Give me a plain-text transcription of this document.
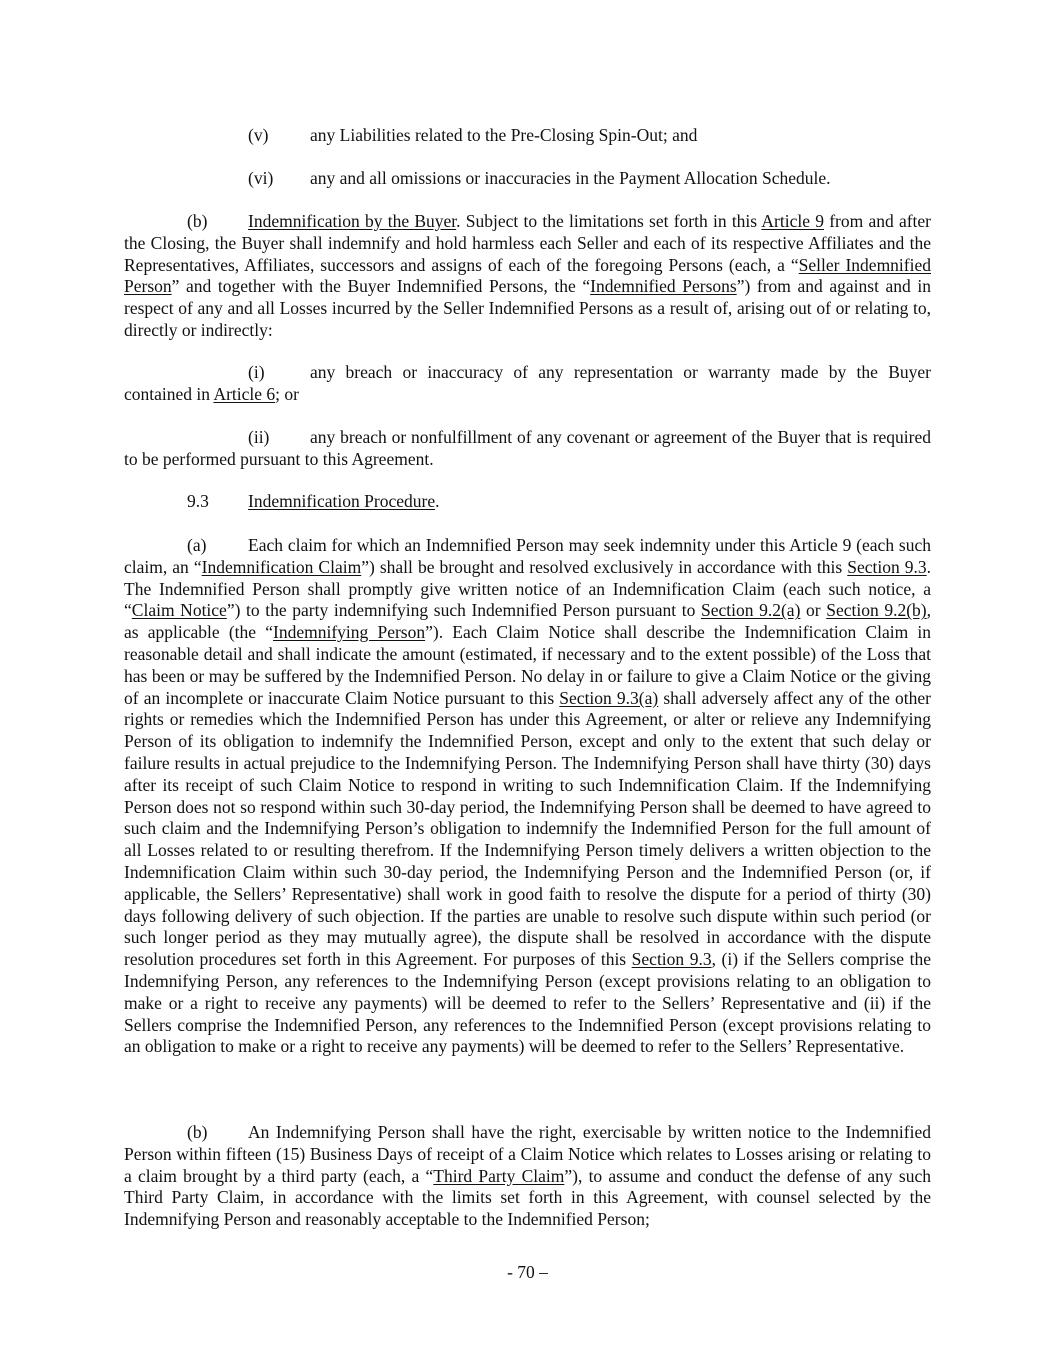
(v) any Liabilities related to the Pre-Closing Spin-Out; and

(vi) any and all omissions or inaccuracies in the Payment Allocation Schedule.

(b) Indemnification by the Buyer. Subject to the limitations set forth in this Article 9 from and after the Closing, the Buyer shall indemnify and hold harmless each Seller and each of its respective Affiliates and the Representatives, Affiliates, successors and assigns of each of the foregoing Persons (each, a “Seller Indemnified Person” and together with the Buyer Indemnified Persons, the “Indemnified Persons”) from and against and in respect of any and all Losses incurred by the Seller Indemnified Persons as a result of, arising out of or relating to, directly or indirectly:

(i)	any breach or inaccuracy of any representation or warranty made by the Buyer contained in Article 6; or

(ii) any breach or nonfulfillment of any covenant or agreement of the Buyer that is required to be performed pursuant to this Agreement.

9.3 Indemnification Procedure.

(a) Each claim for which an Indemnified Person may seek indemnity under this Article 9 (each such claim, an “Indemnification Claim”) shall be brought and resolved exclusively in accordance with this Section 9.3. The Indemnified Person shall promptly give written notice of an Indemnification Claim (each such notice, a “Claim Notice”) to the party indemnifying such Indemnified Person pursuant to Section 9.2(a) or Section 9.2(b), as applicable (the “Indemnifying Person”). Each Claim Notice shall describe the Indemnification Claim in reasonable detail and shall indicate the amount (estimated, if necessary and to the extent possible) of the Loss that has been or may be suffered by the Indemnified Person. No delay in or failure to give a Claim Notice or the giving of an incomplete or inaccurate Claim Notice pursuant to this Section 9.3(a) shall adversely affect any of the other rights or remedies which the Indemnified Person has under this Agreement, or alter or relieve any Indemnifying Person of its obligation to indemnify the Indemnified Person, except and only to the extent that such delay or failure results in actual prejudice to the Indemnifying Person. The Indemnifying Person shall have thirty (30) days after its receipt of such Claim Notice to respond in writing to such Indemnification Claim. If the Indemnifying Person does not so respond within such 30-day period, the Indemnifying Person shall be deemed to have agreed to such claim and the Indemnifying Person’s obligation to indemnify the Indemnified Person for the full amount of all Losses related to or resulting therefrom. If the Indemnifying Person timely delivers a written objection to the Indemnification Claim within such 30-day period, the Indemnifying Person and the Indemnified Person (or, if applicable, the Sellers’ Representative) shall work in good faith to resolve the dispute for a period of thirty (30) days following delivery of such objection. If the parties are unable to resolve such dispute within such period (or such longer period as they may mutually agree), the dispute shall be resolved in accordance with the dispute resolution procedures set forth in this Agreement. For purposes of this Section 9.3, (i) if the Sellers comprise the Indemnifying Person, any references to the Indemnifying Person (except provisions relating to an obligation to make or a right to receive any payments) will be deemed to refer to the Sellers’ Representative and (ii) if the Sellers comprise the Indemnified Person, any references to the Indemnified Person (except provisions relating to an obligation to make or a right to receive any payments) will be deemed to refer to the Sellers’ Representative.

(b) An Indemnifying Person shall have the right, exercisable by written notice to the Indemnified Person within fifteen (15) Business Days of receipt of a Claim Notice which relates to Losses arising or relating to a claim brought by a third party (each, a “Third Party Claim”), to assume and conduct the defense of any such Third Party Claim, in accordance with the limits set forth in this Agreement, with counsel selected by the Indemnifying Person and reasonably acceptable to the Indemnified Person;

- 70 –
